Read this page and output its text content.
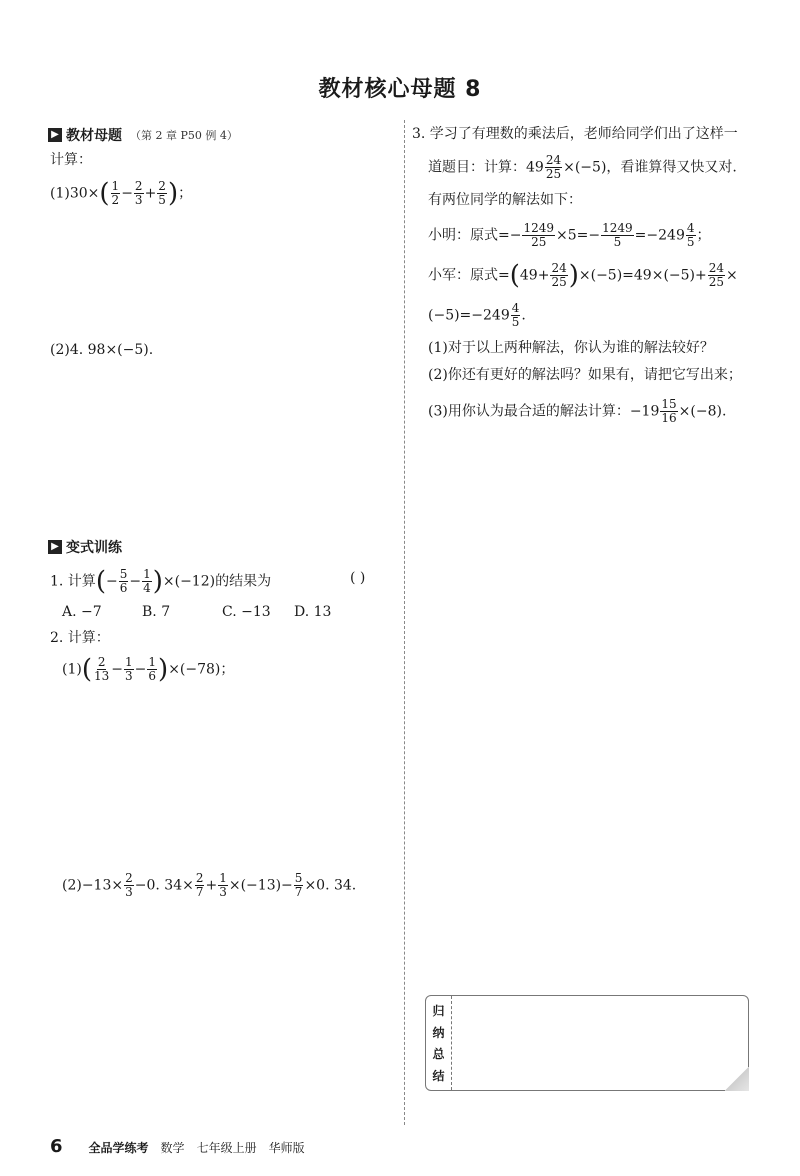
教材核心母题 8
▶ 教材母题 （第 2 章 P50 例 4）
计算：
$(1)30\times( \frac{1}{2} - \frac{2}{3} + \frac{2}{5}$ )；
(2)4. 98×(−5).
▶ 变式训练
1. 计算(− $\frac{5}{6} - \frac{1}{4} )\times(-12)$的结果为	( )
A. −7	B. 7	C. −13 D. 13
2. 计算：
$(1)( \frac{2}{13} - \frac{1}{3} - \frac{1}{6} )\times(-78)$；
$(2)-13\times \frac{2}{3} -0$. $34\times \frac{2}{7} + \frac{1}{3} \times(-13)- \frac{5}{7} \times 0$. 34.
3. 学习了有理数的乘法后，老师给同学们出了这样一
道题目：计算：$49 \frac{24}{25} \times(-5)$，看谁算得又快又对.
有两位同学的解法如下：
小明：原式=− $\frac{1249}{25} \times 5=- \frac{1249}{5} =-249 \frac{4}{5}$ ；
小军：原式$=(49+ \frac{24}{25} )\times(-5)=49\times(-5)+ \frac{24}{25}$ ×
$(-5)=-249 \frac{4}{5}$ .
(1)对于以上两种解法，你认为谁的解法较好？
(2)你还有更好的解法吗？如果有，请把它写出来；
(3)用你认为最合适的解法计算：$-19 \frac{15}{16} \times(-8)$.
归
纳
总
结
6 全品学练考 数学 七年级上册 华师版
